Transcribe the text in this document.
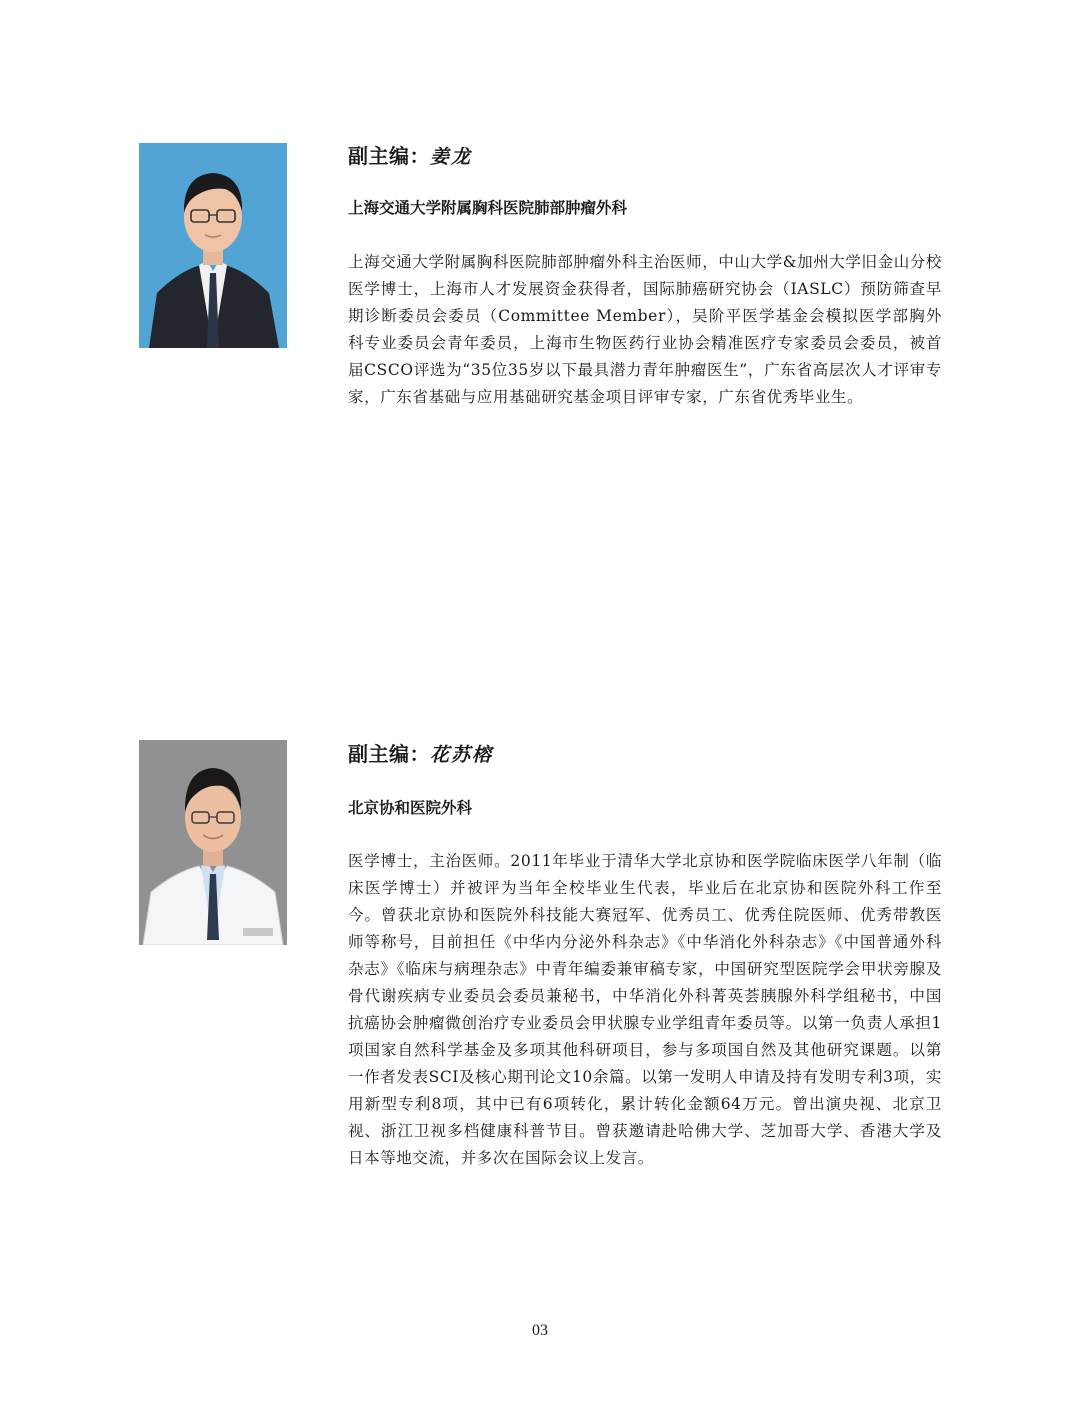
副主编：姜龙
上海交通大学附属胸科医院肺部肿瘤外科
上海交通大学附属胸科医院肺部肿瘤外科主治医师，中山大学&加州大学旧金山分校医学博士，上海市人才发展资金获得者，国际肺癌研究协会（IASLC）预防筛查早期诊断委员会委员（Committee Member），吴阶平医学基金会模拟医学部胸外科专业委员会青年委员，上海市生物医药行业协会精准医疗专家委员会委员，被首届CSCO评选为“35位35岁以下最具潜力青年肿瘤医生”，广东省高层次人才评审专家，广东省基础与应用基础研究基金项目评审专家，广东省优秀毕业生。
副主编：花苏榕
北京协和医院外科
医学博士，主治医师。2011年毕业于清华大学北京协和医学院临床医学八年制（临床医学博士）并被评为当年全校毕业生代表，毕业后在北京协和医院外科工作至今。曾获北京协和医院外科技能大赛冠军、优秀员工、优秀住院医师、优秀带教医师等称号，目前担任《中华内分泌外科杂志》《中华消化外科杂志》《中国普通外科杂志》《临床与病理杂志》中青年编委兼审稿专家，中国研究型医院学会甲状旁腺及骨代谢疾病专业委员会委员兼秘书，中华消化外科菁英荟胰腺外科学组秘书，中国抗癌协会肿瘤微创治疗专业委员会甲状腺专业学组青年委员等。以第一负责人承担1项国家自然科学基金及多项其他科研项目，参与多项国自然及其他研究课题。以第一作者发表SCI及核心期刊论文10余篇。以第一发明人申请及持有发明专利3项，实用新型专利8项，其中已有6项转化，累计转化金额64万元。曾出演央视、北京卫视、浙江卫视多档健康科普节目。曾获邀请赴哈佛大学、芝加哥大学、香港大学及日本等地交流，并多次在国际会议上发言。
03
